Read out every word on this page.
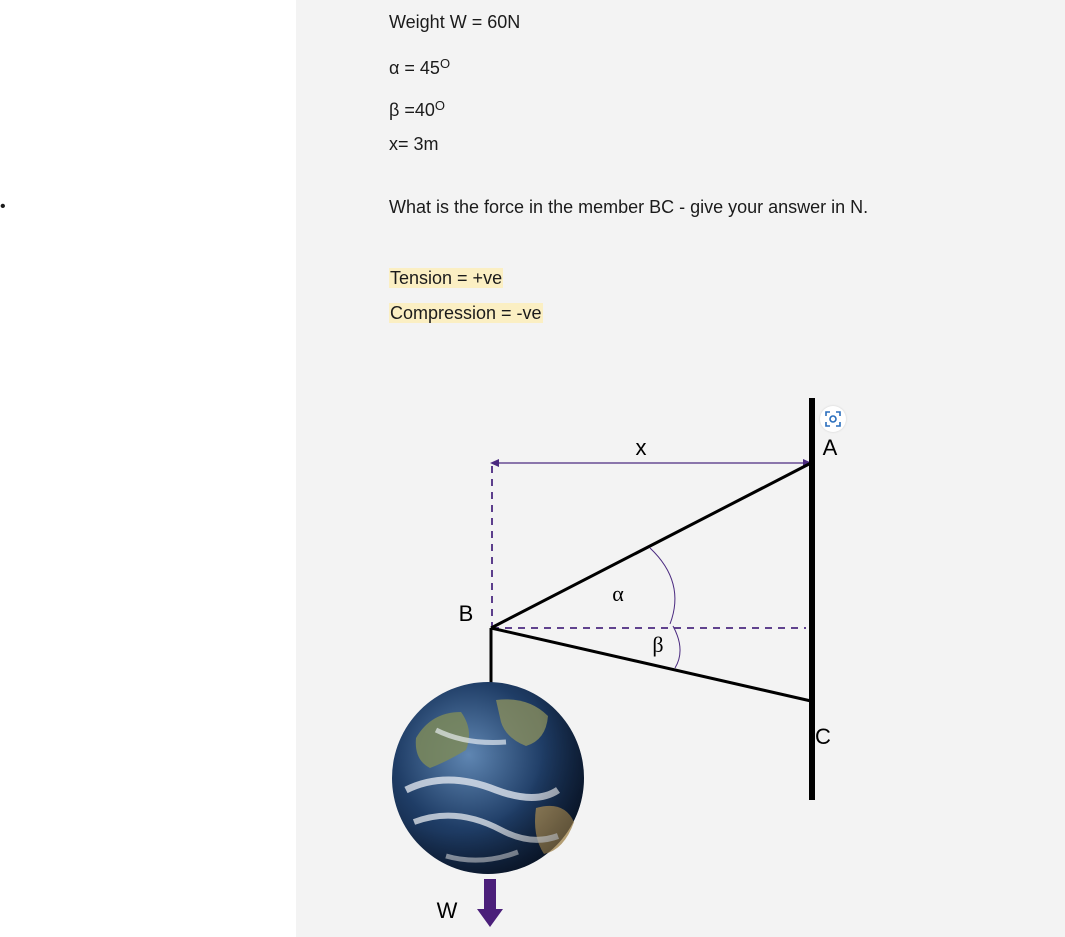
•
Weight W = 60N
$\alpha = 45^O$
$\beta =40^O$
x= 3m
What is the force in the member BC - give your answer in N.
Tension = +ve
Compression = -ve
x
α
β
A
B
C
W
